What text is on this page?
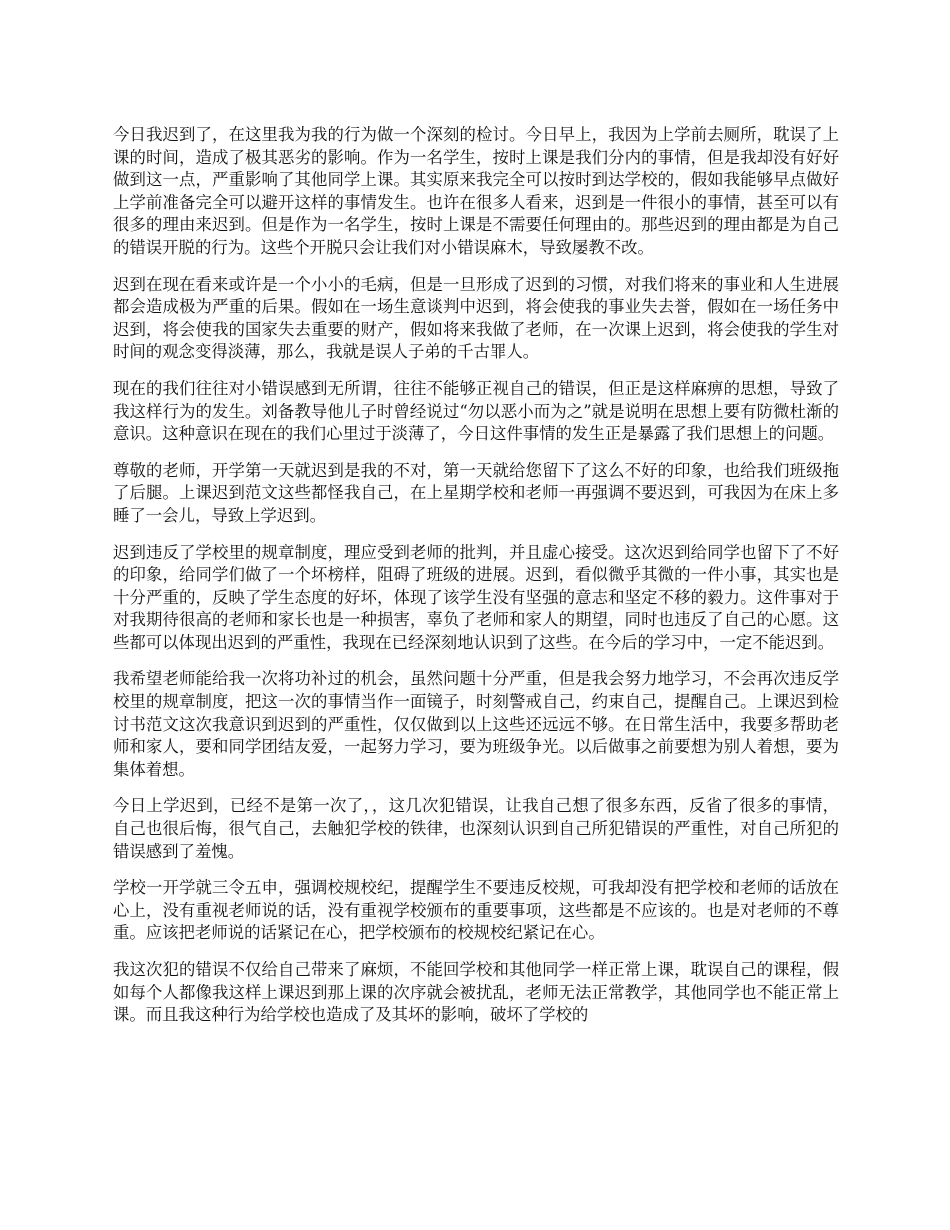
今日我迟到了，在这里我为我的行为做一个深刻的检讨。今日早上，我因为上学前去厕所，耽误了上课的时间，造成了极其恶劣的影响。作为一名学生，按时上课是我们分内的事情，但是我却没有好好做到这一点，严重影响了其他同学上课。其实原来我完全可以按时到达学校的，假如我能够早点做好上学前准备完全可以避开这样的事情发生。也许在很多人看来，迟到是一件很小的事情，甚至可以有很多的理由来迟到。但是作为一名学生，按时上课是不需要任何理由的。那些迟到的理由都是为自己的错误开脱的行为。这些个开脱只会让我们对小错误麻木，导致屡教不改。

迟到在现在看来或许是一个小小的毛病，但是一旦形成了迟到的习惯，对我们将来的事业和人生进展都会造成极为严重的后果。假如在一场生意谈判中迟到，将会使我的事业失去誉，假如在一场任务中迟到，将会使我的国家失去重要的财产，假如将来我做了老师，在一次课上迟到，将会使我的学生对时间的观念变得淡薄，那么，我就是误人子弟的千古罪人。

现在的我们往往对小错误感到无所谓，往往不能够正视自己的错误，但正是这样麻痹的思想，导致了我这样行为的发生。刘备教导他儿子时曾经说过“勿以恶小而为之”就是说明在思想上要有防微杜渐的意识。这种意识在现在的我们心里过于淡薄了，今日这件事情的发生正是暴露了我们思想上的问题。

尊敬的老师，开学第一天就迟到是我的不对，第一天就给您留下了这么不好的印象，也给我们班级拖了后腿。上课迟到范文这些都怪我自己，在上星期学校和老师一再强调不要迟到，可我因为在床上多睡了一会儿，导致上学迟到。

迟到违反了学校里的规章制度，理应受到老师的批判，并且虚心接受。这次迟到给同学也留下了不好的印象，给同学们做了一个坏榜样，阻碍了班级的进展。迟到，看似微乎其微的一件小事，其实也是十分严重的，反映了学生态度的好坏，体现了该学生没有坚强的意志和坚定不移的毅力。这件事对于对我期待很高的老师和家长也是一种损害，辜负了老师和家人的期望，同时也违反了自己的心愿。这些都可以体现出迟到的严重性，我现在已经深刻地认识到了这些。在今后的学习中，一定不能迟到。

我希望老师能给我一次将功补过的机会，虽然问题十分严重，但是我会努力地学习，不会再次违反学校里的规章制度，把这一次的事情当作一面镜子，时刻警戒自己，约束自己，提醒自己。上课迟到检讨书范文这次我意识到迟到的严重性，仅仅做到以上这些还远远不够。在日常生活中，我要多帮助老师和家人，要和同学团结友爱，一起努力学习，要为班级争光。以后做事之前要想为别人着想，要为集体着想。

今日上学迟到，已经不是第一次了，，这几次犯错误，让我自己想了很多东西，反省了很多的事情，自己也很后悔，很气自己，去触犯学校的铁律，也深刻认识到自己所犯错误的严重性，对自己所犯的错误感到了羞愧。

学校一开学就三令五申，强调校规校纪，提醒学生不要违反校规，可我却没有把学校和老师的话放在心上，没有重视老师说的话，没有重视学校颁布的重要事项，这些都是不应该的。也是对老师的不尊重。应该把老师说的话紧记在心，把学校颁布的校规校纪紧记在心。

我这次犯的错误不仅给自己带来了麻烦，不能回学校和其他同学一样正常上课，耽误自己的课程，假如每个人都像我这样上课迟到那上课的次序就会被扰乱，老师无法正常教学，其他同学也不能正常上课。而且我这种行为给学校也造成了及其坏的影响，破坏了学校的
